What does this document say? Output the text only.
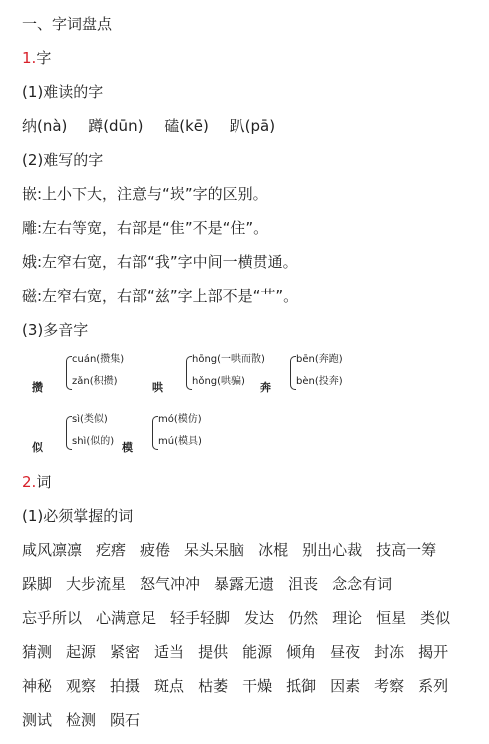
一、字词盘点
1.字
(1)难读的字
纳(nà) 蹲(dūn) 磕(kē) 趴(pā)
(2)难写的字
嵌:上小下大，注意与“崁”字的区别。
雕:左右等宽，右部是“隹”不是“住”。
娥:左窄右宽，右部“我”字中间一横贯通。
磁:左窄右宽，右部“兹”字上部不是“艹”。
(3)多音字
攒
cuán(攒集)
zǎn(积攒)	哄
hōng(一哄而散)
hǒng(哄骗) 奔
bēn(奔跑)
bèn(投奔)
似
sì(类似)
shì(似的) 模
mó(模仿)
mú(模具)
2.词
(1)必须掌握的词
咸风凛凛 疙瘩 疲倦 呆头呆脑 冰棍 别出心裁 技高一筹
跺脚 大步流星 怒气冲冲 暴露无遗 沮丧 念念有词
忘乎所以 心满意足 轻手轻脚 发达 仍然 理论 恒星 类似
猜测 起源 紧密 适当 提供 能源 倾角 昼夜 封冻 揭开
神秘 观察 拍摄 斑点 枯萎 干燥 抵御 因素 考察 系列
测试 检测 陨石
